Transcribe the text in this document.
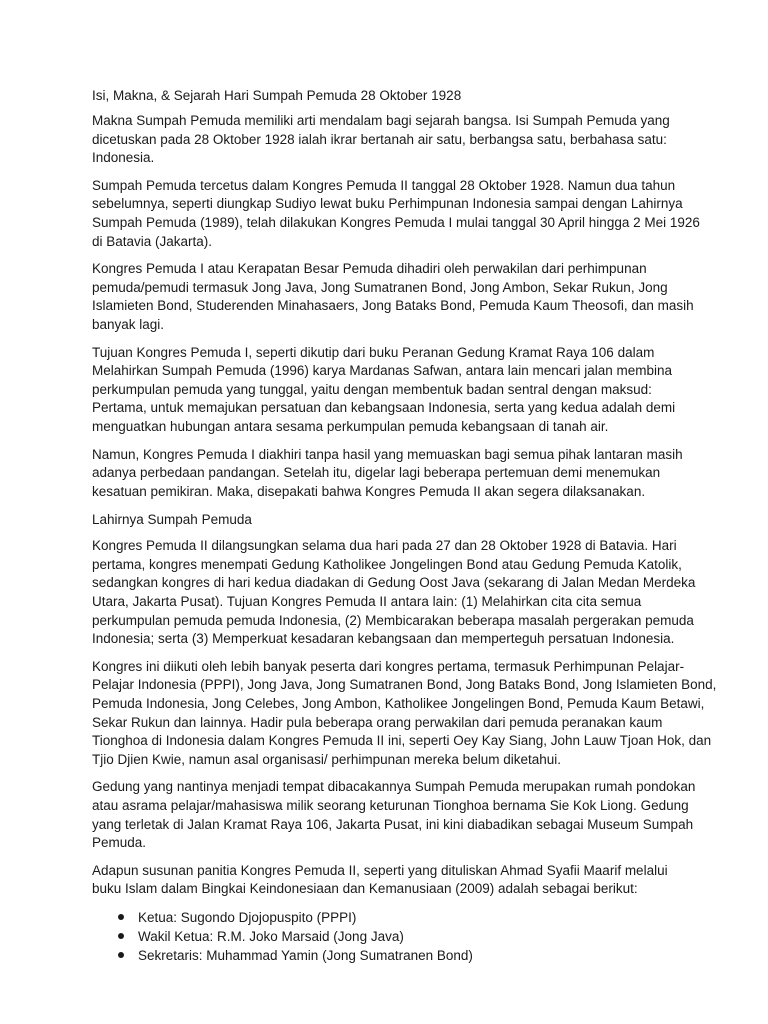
Isi, Makna, & Sejarah Hari Sumpah Pemuda 28 Oktober 1928
Makna Sumpah Pemuda memiliki arti mendalam bagi sejarah bangsa. Isi Sumpah Pemuda yang
dicetuskan pada 28 Oktober 1928 ialah ikrar bertanah air satu, berbangsa satu, berbahasa satu:
Indonesia.
Sumpah Pemuda tercetus dalam Kongres Pemuda II tanggal 28 Oktober 1928. Namun dua tahun
sebelumnya, seperti diungkap Sudiyo lewat buku Perhimpunan Indonesia sampai dengan Lahirnya
Sumpah Pemuda (1989), telah dilakukan Kongres Pemuda I mulai tanggal 30 April hingga 2 Mei 1926
di Batavia (Jakarta).
Kongres Pemuda I atau Kerapatan Besar Pemuda dihadiri oleh perwakilan dari perhimpunan
pemuda/pemudi termasuk Jong Java, Jong Sumatranen Bond, Jong Ambon, Sekar Rukun, Jong
Islamieten Bond, Studerenden Minahasaers, Jong Bataks Bond, Pemuda Kaum Theosofi, dan masih
banyak lagi.
Tujuan Kongres Pemuda I, seperti dikutip dari buku Peranan Gedung Kramat Raya 106 dalam
Melahirkan Sumpah Pemuda (1996) karya Mardanas Safwan, antara lain mencari jalan membina
perkumpulan pemuda yang tunggal, yaitu dengan membentuk badan sentral dengan maksud:
Pertama, untuk memajukan persatuan dan kebangsaan Indonesia, serta yang kedua adalah demi
menguatkan hubungan antara sesama perkumpulan pemuda kebangsaan di tanah air.
Namun, Kongres Pemuda I diakhiri tanpa hasil yang memuaskan bagi semua pihak lantaran masih
adanya perbedaan pandangan. Setelah itu, digelar lagi beberapa pertemuan demi menemukan
kesatuan pemikiran. Maka, disepakati bahwa Kongres Pemuda II akan segera dilaksanakan.
Lahirnya Sumpah Pemuda
Kongres Pemuda II dilangsungkan selama dua hari pada 27 dan 28 Oktober 1928 di Batavia. Hari
pertama, kongres menempati Gedung Katholikee Jongelingen Bond atau Gedung Pemuda Katolik,
sedangkan kongres di hari kedua diadakan di Gedung Oost Java (sekarang di Jalan Medan Merdeka
Utara, Jakarta Pusat). Tujuan Kongres Pemuda II antara lain: (1) Melahirkan cita cita semua
perkumpulan pemuda pemuda Indonesia, (2) Membicarakan beberapa masalah pergerakan pemuda
Indonesia; serta (3) Memperkuat kesadaran kebangsaan dan memperteguh persatuan Indonesia.
Kongres ini diikuti oleh lebih banyak peserta dari kongres pertama, termasuk Perhimpunan Pelajar-
Pelajar Indonesia (PPPI), Jong Java, Jong Sumatranen Bond, Jong Bataks Bond, Jong Islamieten Bond,
Pemuda Indonesia, Jong Celebes, Jong Ambon, Katholikee Jongelingen Bond, Pemuda Kaum Betawi,
Sekar Rukun dan lainnya. Hadir pula beberapa orang perwakilan dari pemuda peranakan kaum
Tionghoa di Indonesia dalam Kongres Pemuda II ini, seperti Oey Kay Siang, John Lauw Tjoan Hok, dan
Tjio Djien Kwie, namun asal organisasi/ perhimpunan mereka belum diketahui.
Gedung yang nantinya menjadi tempat dibacakannya Sumpah Pemuda merupakan rumah pondokan
atau asrama pelajar/mahasiswa milik seorang keturunan Tionghoa bernama Sie Kok Liong. Gedung
yang terletak di Jalan Kramat Raya 106, Jakarta Pusat, ini kini diabadikan sebagai Museum Sumpah
Pemuda.
Adapun susunan panitia Kongres Pemuda II, seperti yang dituliskan Ahmad Syafii Maarif melalui
buku Islam dalam Bingkai Keindonesiaan dan Kemanusiaan (2009) adalah sebagai berikut:
Ketua: Sugondo Djojopuspito (PPPI)
Wakil Ketua: R.M. Joko Marsaid (Jong Java)
Sekretaris: Muhammad Yamin (Jong Sumatranen Bond)
